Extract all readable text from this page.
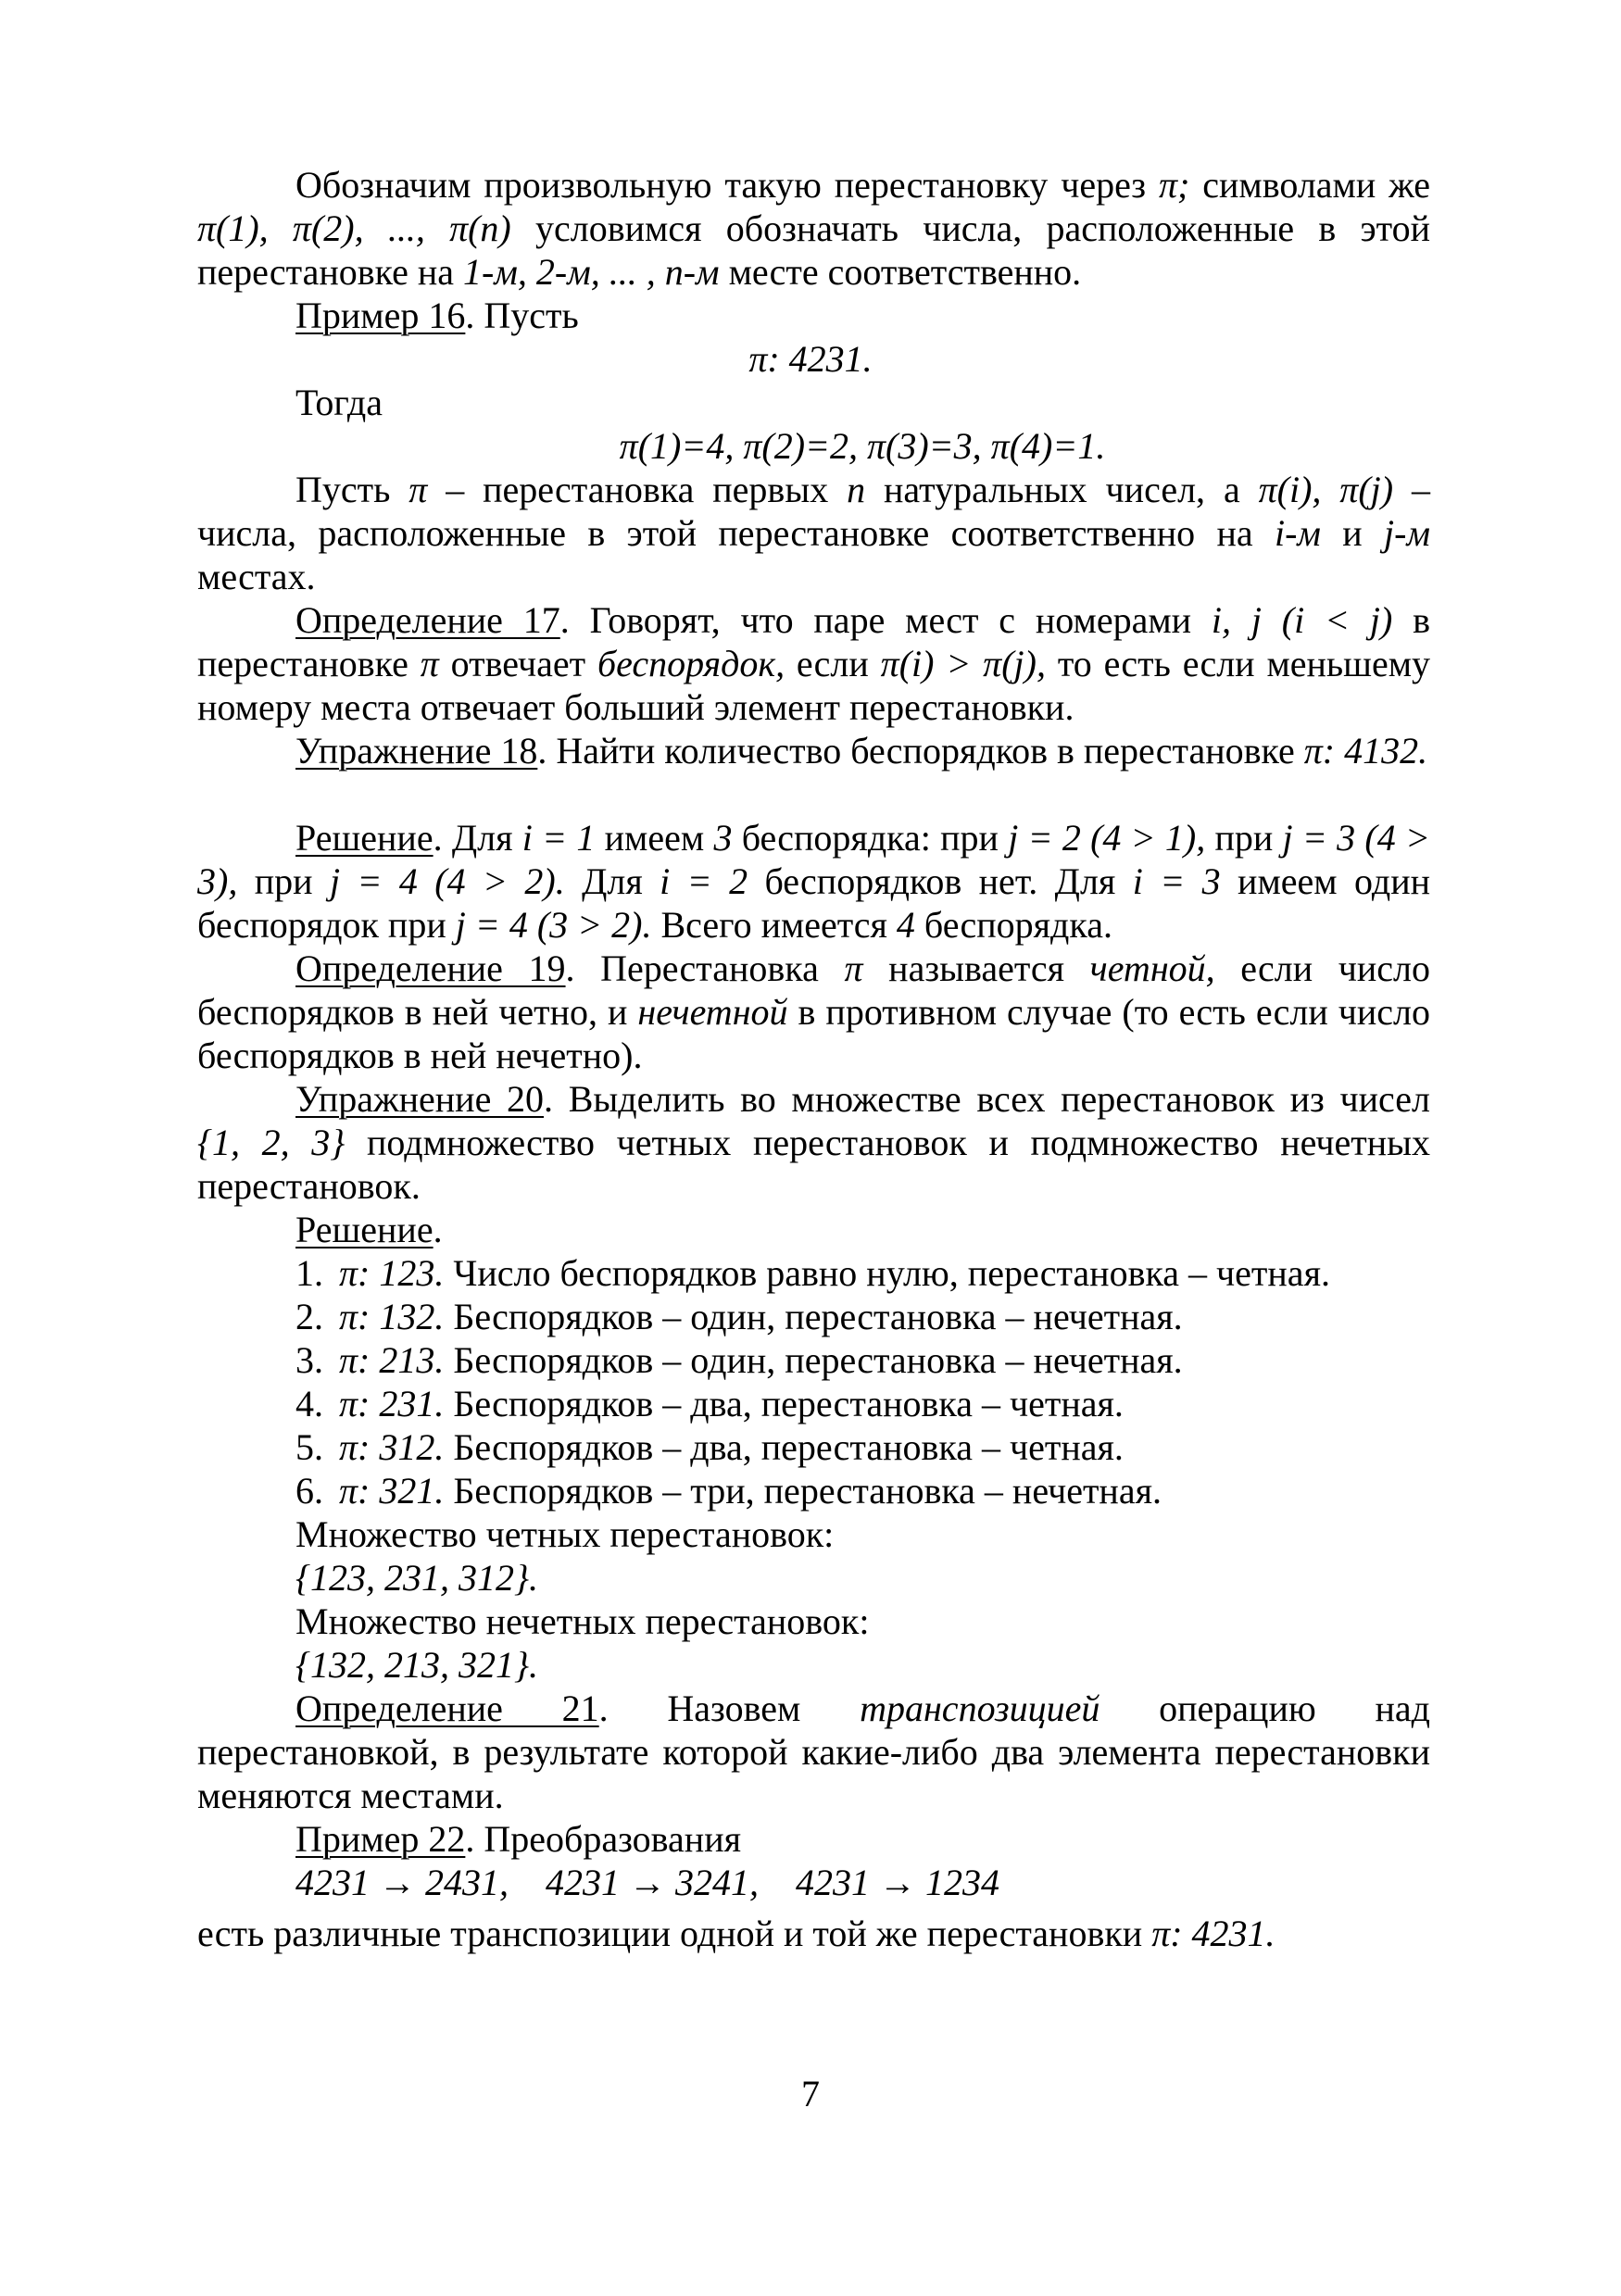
Обозначим произвольную такую перестановку через π; символами же π(1), π(2), ..., π(n) условимся обозначать числа, расположенные в этой перестановке на 1-м, 2-м, ... , n-м месте соответственно.

Пример 16. Пусть

π: 4231.

Тогда

π(1)=4, π(2)=2, π(3)=3, π(4)=1.

Пусть π – перестановка первых n натуральных чисел, а π(i), π(j) – числа, расположенные в этой перестановке соответственно на i-м и j-м местах.

Определение 17. Говорят, что паре мест с номерами i, j (i < j) в перестановке π отвечает беспорядок, если π(i) > π(j), то есть если меньшему номеру места отвечает больший элемент перестановки.

Упражнение 18. Найти количество беспорядков в перестановке π: 4132.

Решение. Для i = 1 имеем 3 беспорядка: при j = 2 (4 > 1), при j = 3 (4 > 3), при j = 4 (4 > 2). Для i = 2 беспорядков нет. Для i = 3 имеем один беспорядок при j = 4 (3 > 2). Всего имеется 4 беспорядка.

Определение 19. Перестановка π называется четной, если число беспорядков в ней четно, и нечетной в противном случае (то есть если число беспорядков в ней нечетно).

Упражнение 20. Выделить во множестве всех перестановок из чисел {1, 2, 3} подмножество четных перестановок и подмножество нечетных перестановок.

Решение.

1. π: 123. Число беспорядков равно нулю, перестановка – четная.
2. π: 132. Беспорядков – один, перестановка – нечетная.
3. π: 213. Беспорядков – один, перестановка – нечетная.
4. π: 231. Беспорядков – два, перестановка – четная.
5. π: 312. Беспорядков – два, перестановка – четная.
6. π: 321. Беспорядков – три, перестановка – нечетная.

Множество четных перестановок:

{123, 231, 312}.

Множество нечетных перестановок:

{132, 213, 321}.

Определение 21. Назовем транспозицией операцию над перестановкой, в результате которой какие-либо два элемента перестановки меняются местами.

Пример 22. Преобразования

4231 → 2431,    4231 → 3241,    4231 → 1234

есть различные транспозиции одной и той же перестановки π: 4231.

7
